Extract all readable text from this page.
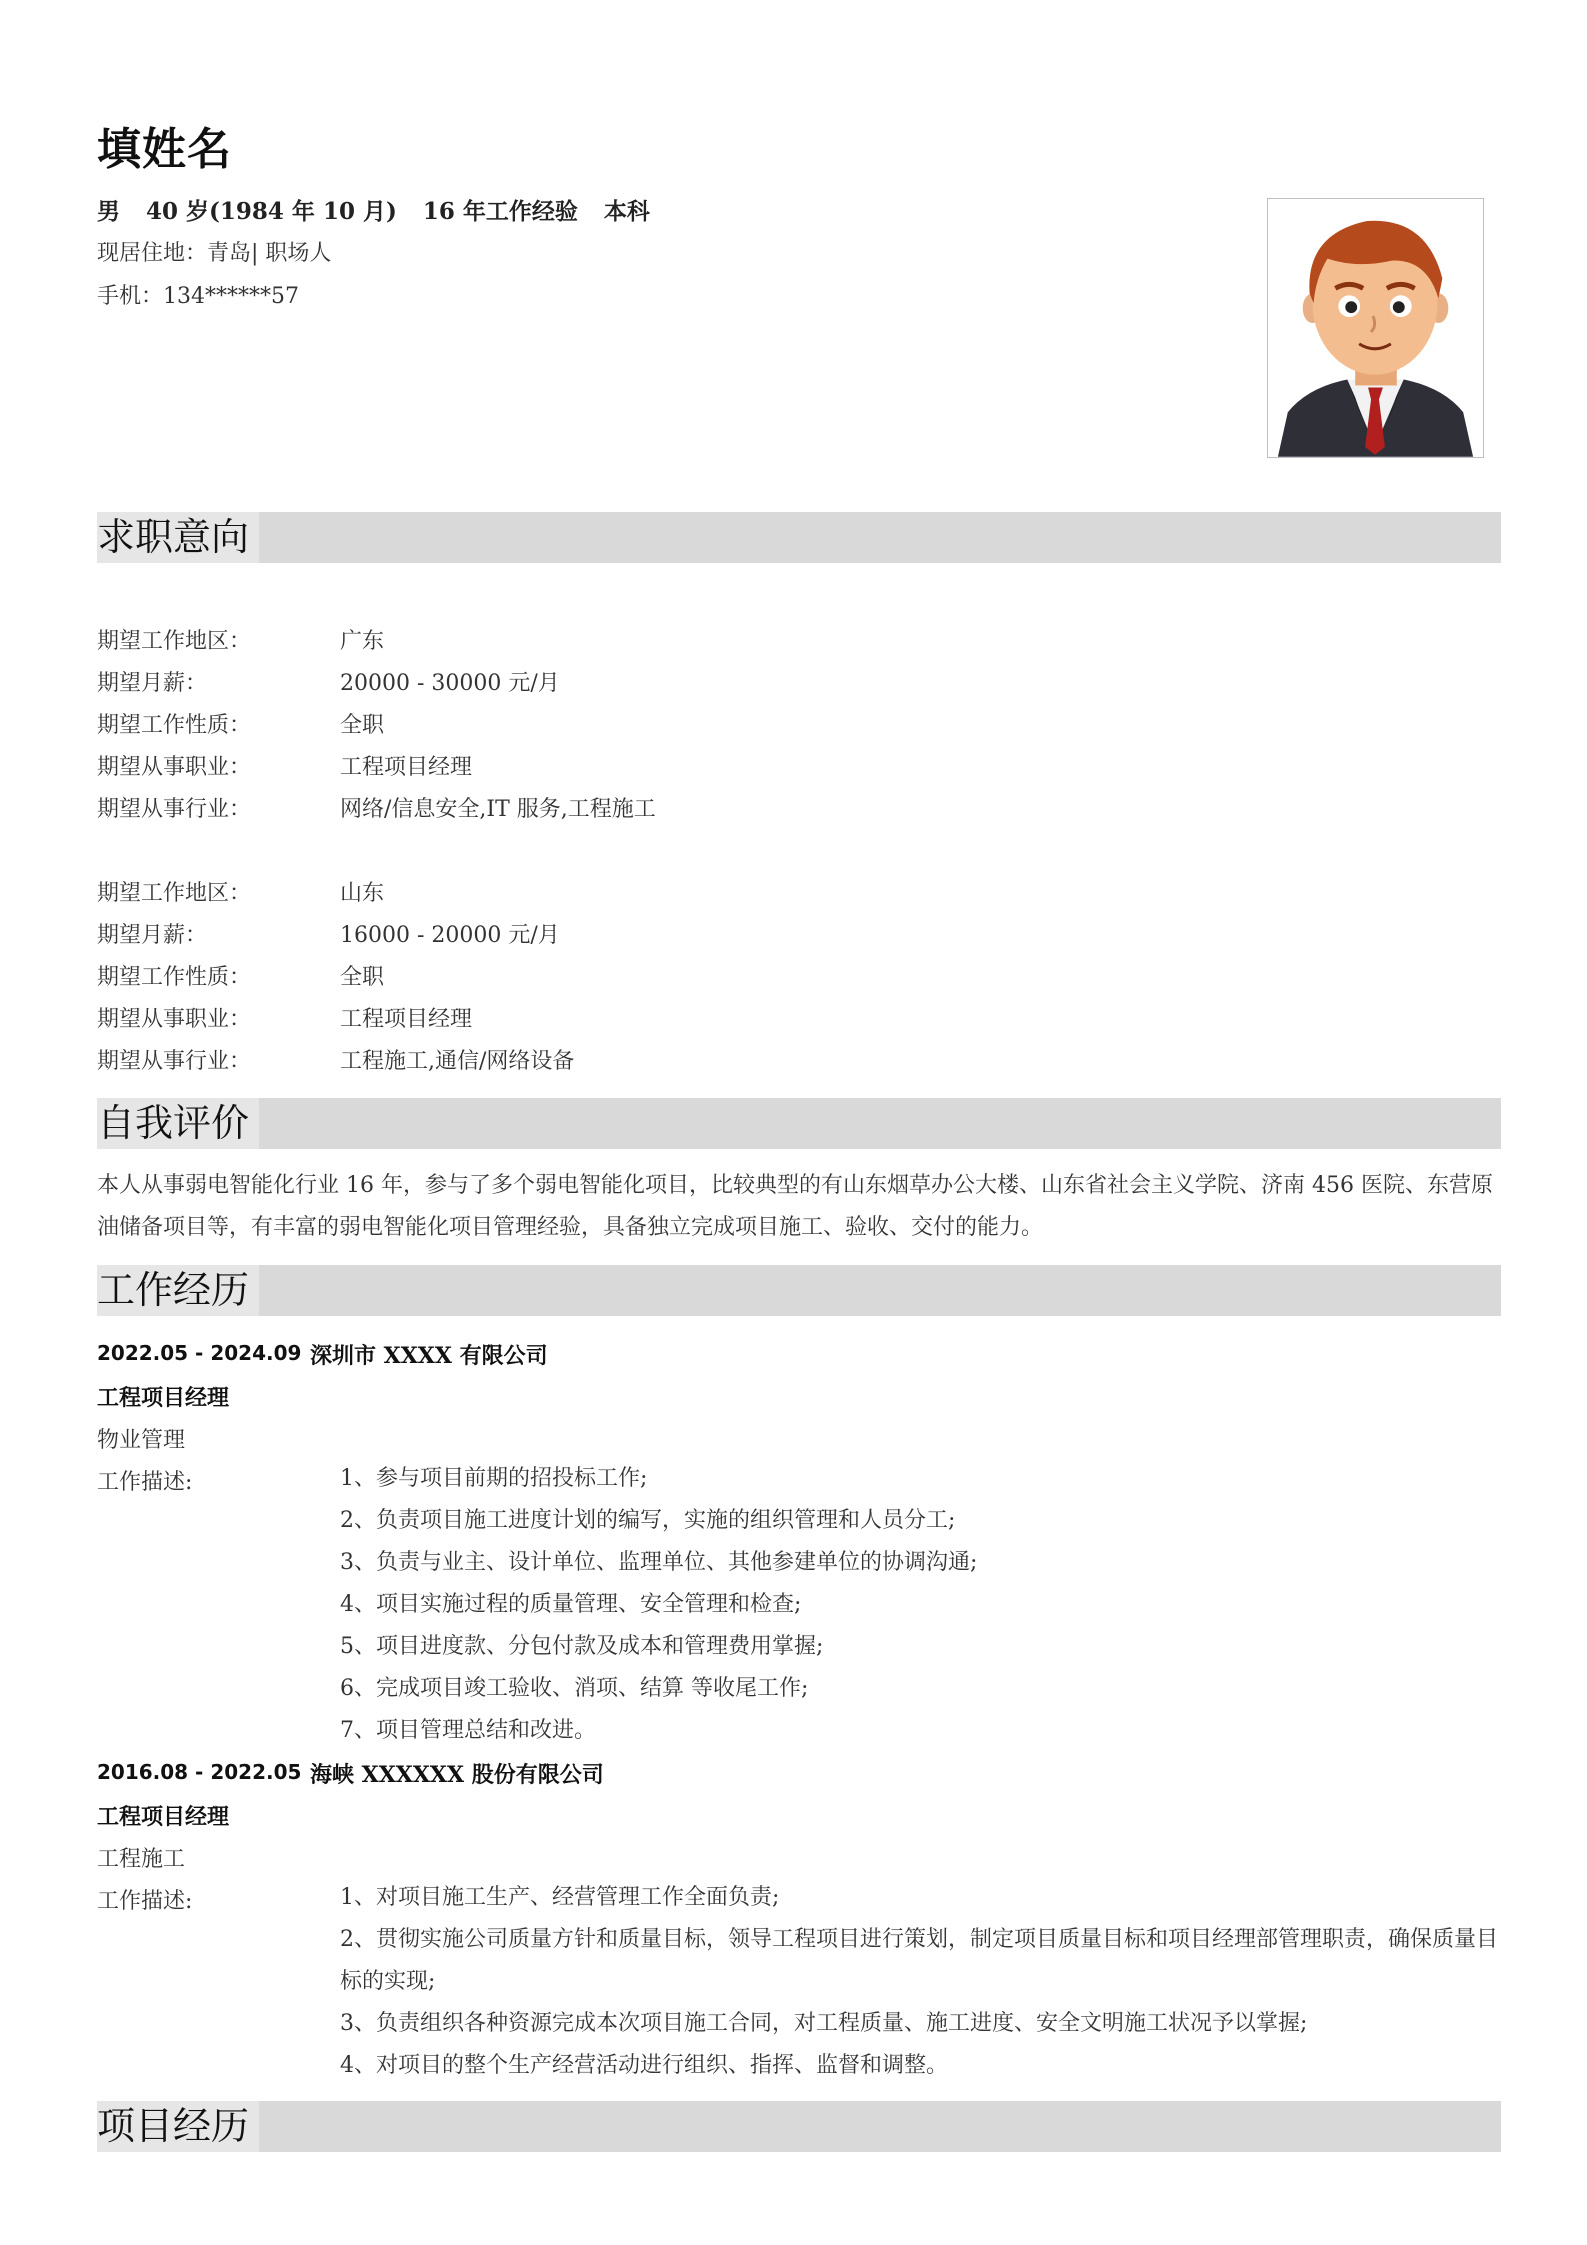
填姓名
男 40 岁(1984 年 10 月) 16 年工作经验 本科
现居住地：青岛| 职场人
手机：134******57
求职意向
期望工作地区：	广东
期望月薪：	20000 - 30000 元/月
期望工作性质：	全职
期望从事职业：	工程项目经理
期望从事行业：	网络/信息安全,IT 服务,工程施工
期望工作地区：	山东
期望月薪：	16000 - 20000 元/月
期望工作性质：	全职
期望从事职业：	工程项目经理
期望从事行业：	工程施工,通信/网络设备
自我评价
本人从事弱电智能化行业 16 年，参与了多个弱电智能化项目，比较典型的有山东烟草办公大楼、山东省社会主义学院、济南 456 医院、东营原油储备项目等，有丰富的弱电智能化项目管理经验，具备独立完成项目施工、验收、交付的能力。
工作经历
2022.05 - 2024.09 深圳市 XXXX 有限公司
工程项目经理
物业管理
工作描述:	1、参与项目前期的招投标工作;
2、负责项目施工进度计划的编写，实施的组织管理和人员分工;
3、负责与业主、设计单位、监理单位、其他参建单位的协调沟通;
4、项目实施过程的质量管理、安全管理和检查;
5、项目进度款、分包付款及成本和管理费用掌握;
6、完成项目竣工验收、消项、结算 等收尾工作;
7、项目管理总结和改进。
2016.08 - 2022.05 海峡 XXXXXX 股份有限公司
工程项目经理
工程施工
工作描述:	1、对项目施工生产、经营管理工作全面负责;
2、贯彻实施公司质量方针和质量目标，领导工程项目进行策划，制定项目质量目标和项目经理部管理职责，确保质量目标的实现;
3、负责组织各种资源完成本次项目施工合同，对工程质量、施工进度、安全文明施工状况予以掌握;
4、对项目的整个生产经营活动进行组织、指挥、监督和调整。
项目经历
